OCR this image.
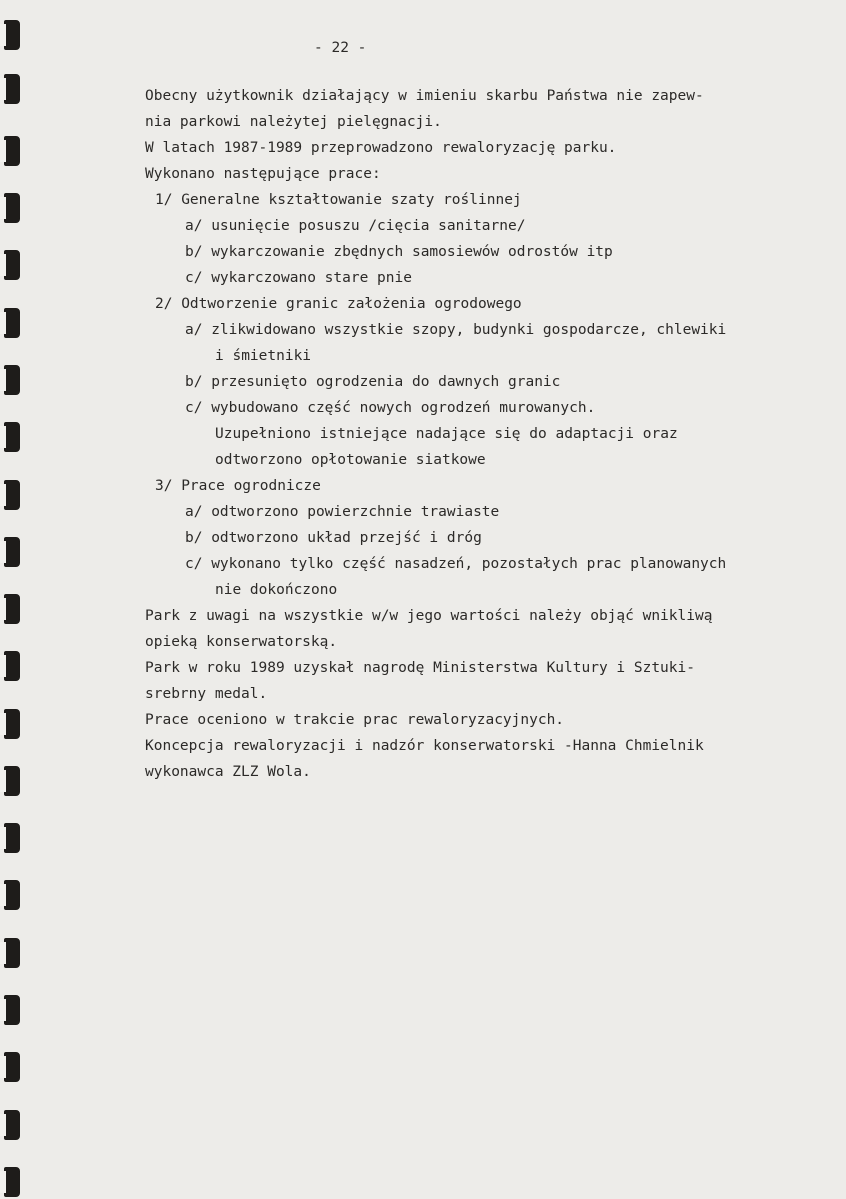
- 22 -

Obecny użytkownik działający w imieniu skarbu Państwa nie zapew-

nia parkowi należytej pielęgnacji.

W latach 1987-1989 przeprowadzono rewaloryzację parku.

Wykonano następujące prace:

1/ Generalne kształtowanie szaty roślinnej

a/ usunięcie posuszu /cięcia sanitarne/

b/ wykarczowanie zbędnych samosiewów odrostów itp

c/ wykarczowano stare pnie

2/ Odtworzenie granic założenia ogrodowego

a/ zlikwidowano wszystkie szopy, budynki gospodarcze, chlewiki

i śmietniki

b/ przesunięto ogrodzenia do dawnych granic

c/ wybudowano część nowych ogrodzeń murowanych.

Uzupełniono istniejące nadające się do adaptacji oraz

odtworzono opłotowanie siatkowe

3/ Prace ogrodnicze

a/ odtworzono powierzchnie trawiaste

b/ odtworzono układ przejść i dróg

c/ wykonano tylko część nasadzeń, pozostałych prac planowanych

nie dokończono

Park z uwagi na wszystkie w/w jego wartości należy objąć wnikliwą

opieką konserwatorską.

Park w roku 1989 uzyskał nagrodę Ministerstwa Kultury i Sztuki-

srebrny medal.

Prace oceniono w trakcie prac rewaloryzacyjnych.

Koncepcja rewaloryzacji i nadzór konserwatorski -Hanna Chmielnik

wykonawca ZLZ Wola.
